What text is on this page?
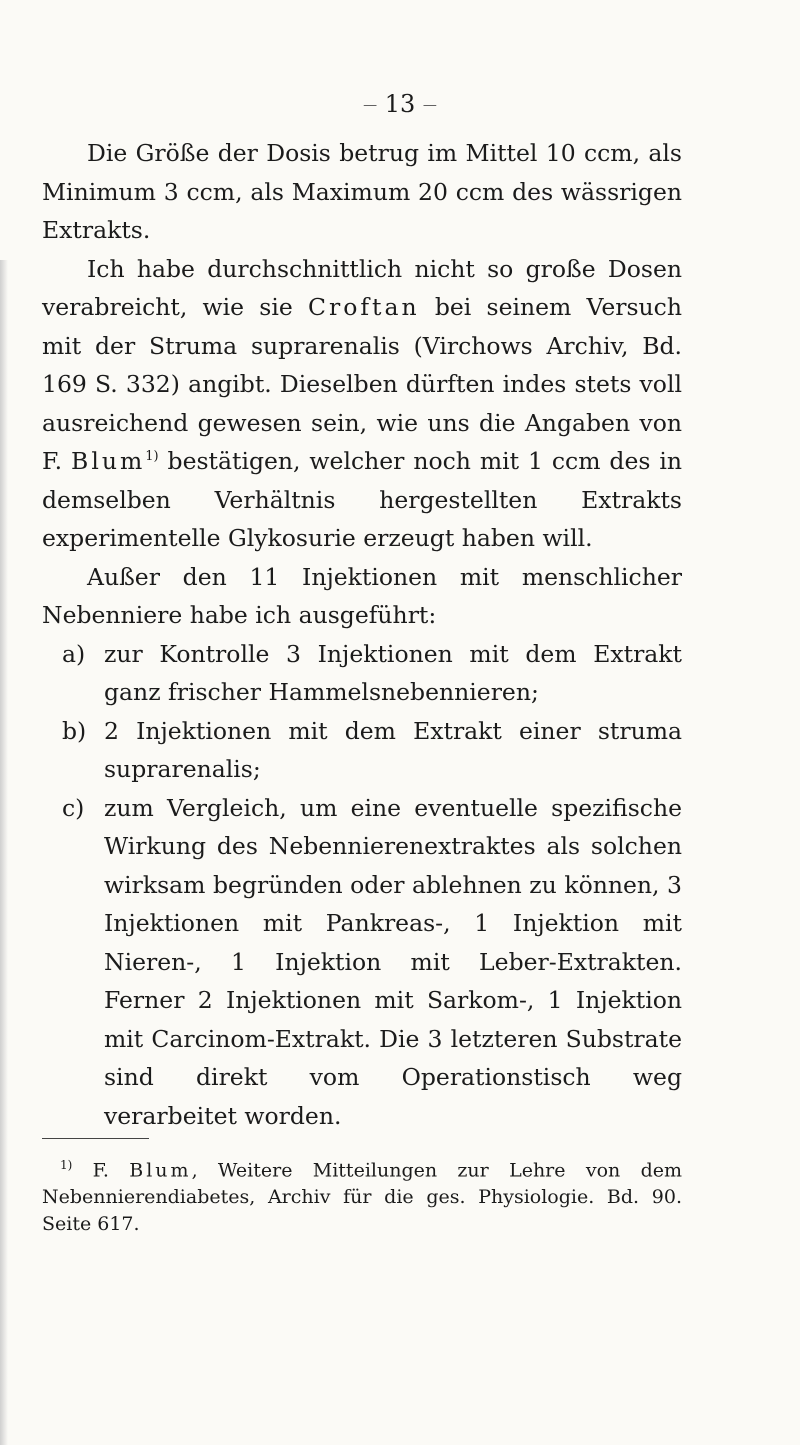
— 13 —

Die Größe der Dosis betrug im Mittel 10 ccm, als Minimum 3 ccm, als Maximum 20 ccm des wässrigen Extrakts.

Ich habe durchschnittlich nicht so große Dosen verabreicht, wie sie Croftan bei seinem Versuch mit der Struma suprarenalis (Virchows Archiv, Bd. 169 S. 332) angibt. Dieselben dürften indes stets voll ausreichend gewesen sein, wie uns die Angaben von F. Blum$^{1)}$ bestätigen, welcher noch mit 1 ccm des in demselben Verhältnis hergestellten Extrakts experimentelle Glykosurie erzeugt haben will.

Außer den 11 Injektionen mit menschlicher Nebenniere habe ich ausgeführt:

a) zur Kontrolle 3 Injektionen mit dem Extrakt ganz frischer Hammelsnebennieren;
b) 2 Injektionen mit dem Extrakt einer struma suprarenalis;
c) zum Vergleich, um eine eventuelle spezifische Wirkung des Nebennierenextraktes als solchen wirksam begründen oder ablehnen zu können, 3 Injektionen mit Pankreas-, 1 Injektion mit Nieren-, 1 Injektion mit Leber-Extrakten. Ferner 2 Injektionen mit Sarkom-, 1 Injektion mit Carcinom-Extrakt. Die 3 letzteren Substrate sind direkt vom Operationstisch weg verarbeitet worden.
$^{1)}$ F. Blum, Weitere Mitteilungen zur Lehre von dem Nebennierendiabetes, Archiv für die ges. Physiologie. Bd. 90. Seite 617.
